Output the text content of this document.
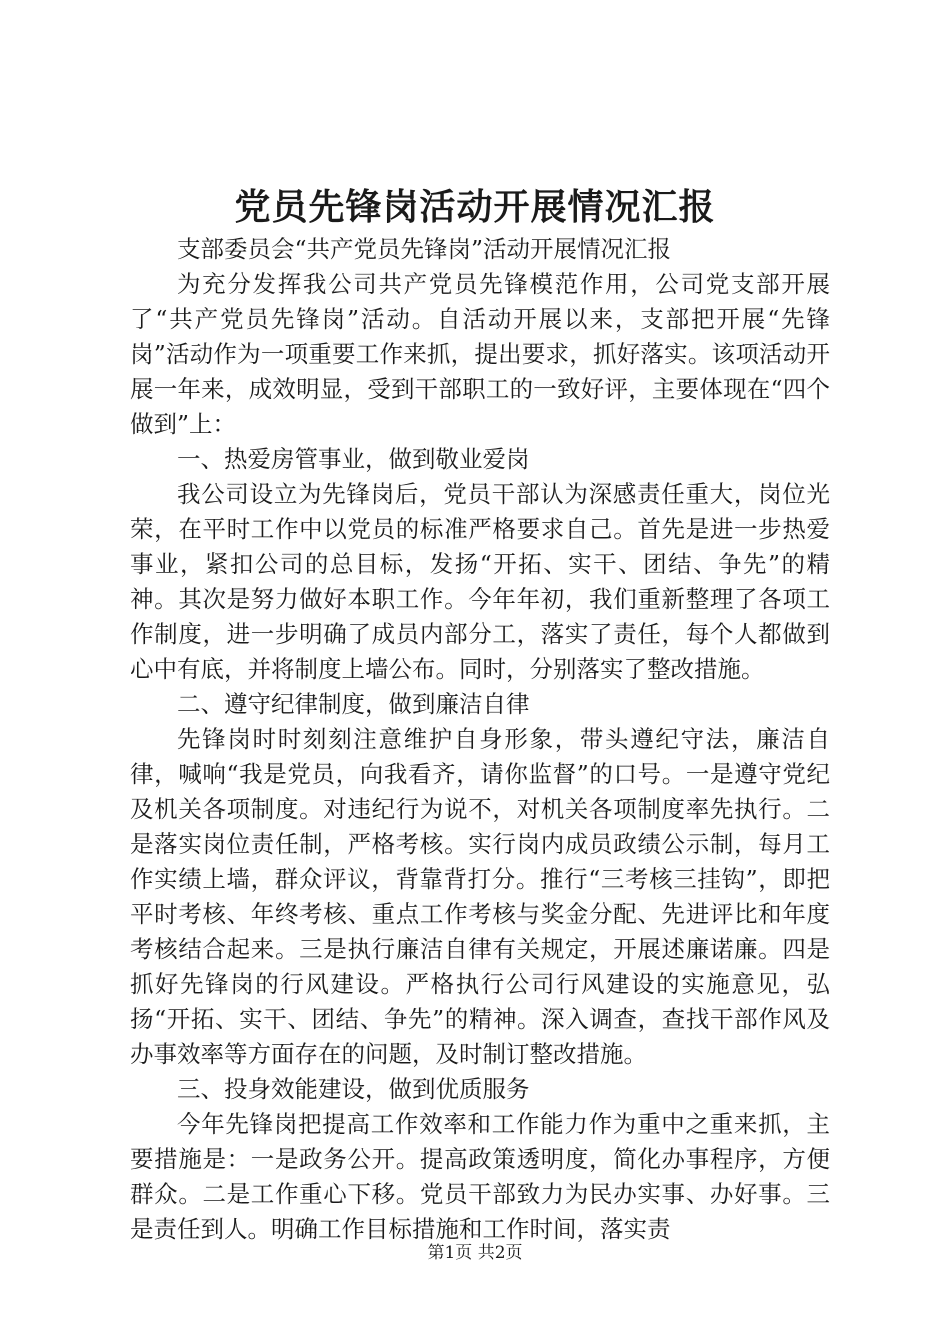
党员先锋岗活动开展情况汇报

支部委员会“共产党员先锋岗”活动开展情况汇报

为充分发挥我公司共产党员先锋模范作用，公司党支部开展了“共产党员先锋岗”活动。自活动开展以来，支部把开展“先锋岗”活动作为一项重要工作来抓，提出要求，抓好落实。该项活动开展一年来，成效明显，受到干部职工的一致好评，主要体现在“四个做到”上：

一、热爱房管事业，做到敬业爱岗

我公司设立为先锋岗后，党员干部认为深感责任重大，岗位光荣，在平时工作中以党员的标准严格要求自己。首先是进一步热爱事业，紧扣公司的总目标，发扬“开拓、实干、团结、争先”的精神。其次是努力做好本职工作。今年年初，我们重新整理了各项工作制度，进一步明确了成员内部分工，落实了责任，每个人都做到心中有底，并将制度上墙公布。同时，分别落实了整改措施。

二、遵守纪律制度，做到廉洁自律

先锋岗时时刻刻注意维护自身形象，带头遵纪守法，廉洁自律，喊响“我是党员，向我看齐，请你监督”的口号。一是遵守党纪及机关各项制度。对违纪行为说不，对机关各项制度率先执行。二是落实岗位责任制，严格考核。实行岗内成员政绩公示制，每月工作实绩上墙，群众评议，背靠背打分。推行“三考核三挂钩”，即把平时考核、年终考核、重点工作考核与奖金分配、先进评比和年度考核结合起来。三是执行廉洁自律有关规定，开展述廉诺廉。四是抓好先锋岗的行风建设。严格执行公司行风建设的实施意见，弘扬“开拓、实干、团结、争先”的精神。深入调查，查找干部作风及办事效率等方面存在的问题，及时制订整改措施。

三、投身效能建设，做到优质服务

今年先锋岗把提高工作效率和工作能力作为重中之重来抓，主要措施是：一是政务公开。提高政策透明度，简化办事程序，方便群众。二是工作重心下移。党员干部致力为民办实事、办好事。三是责任到人。明确工作目标措施和工作时间，落实责

第1页 共2页
